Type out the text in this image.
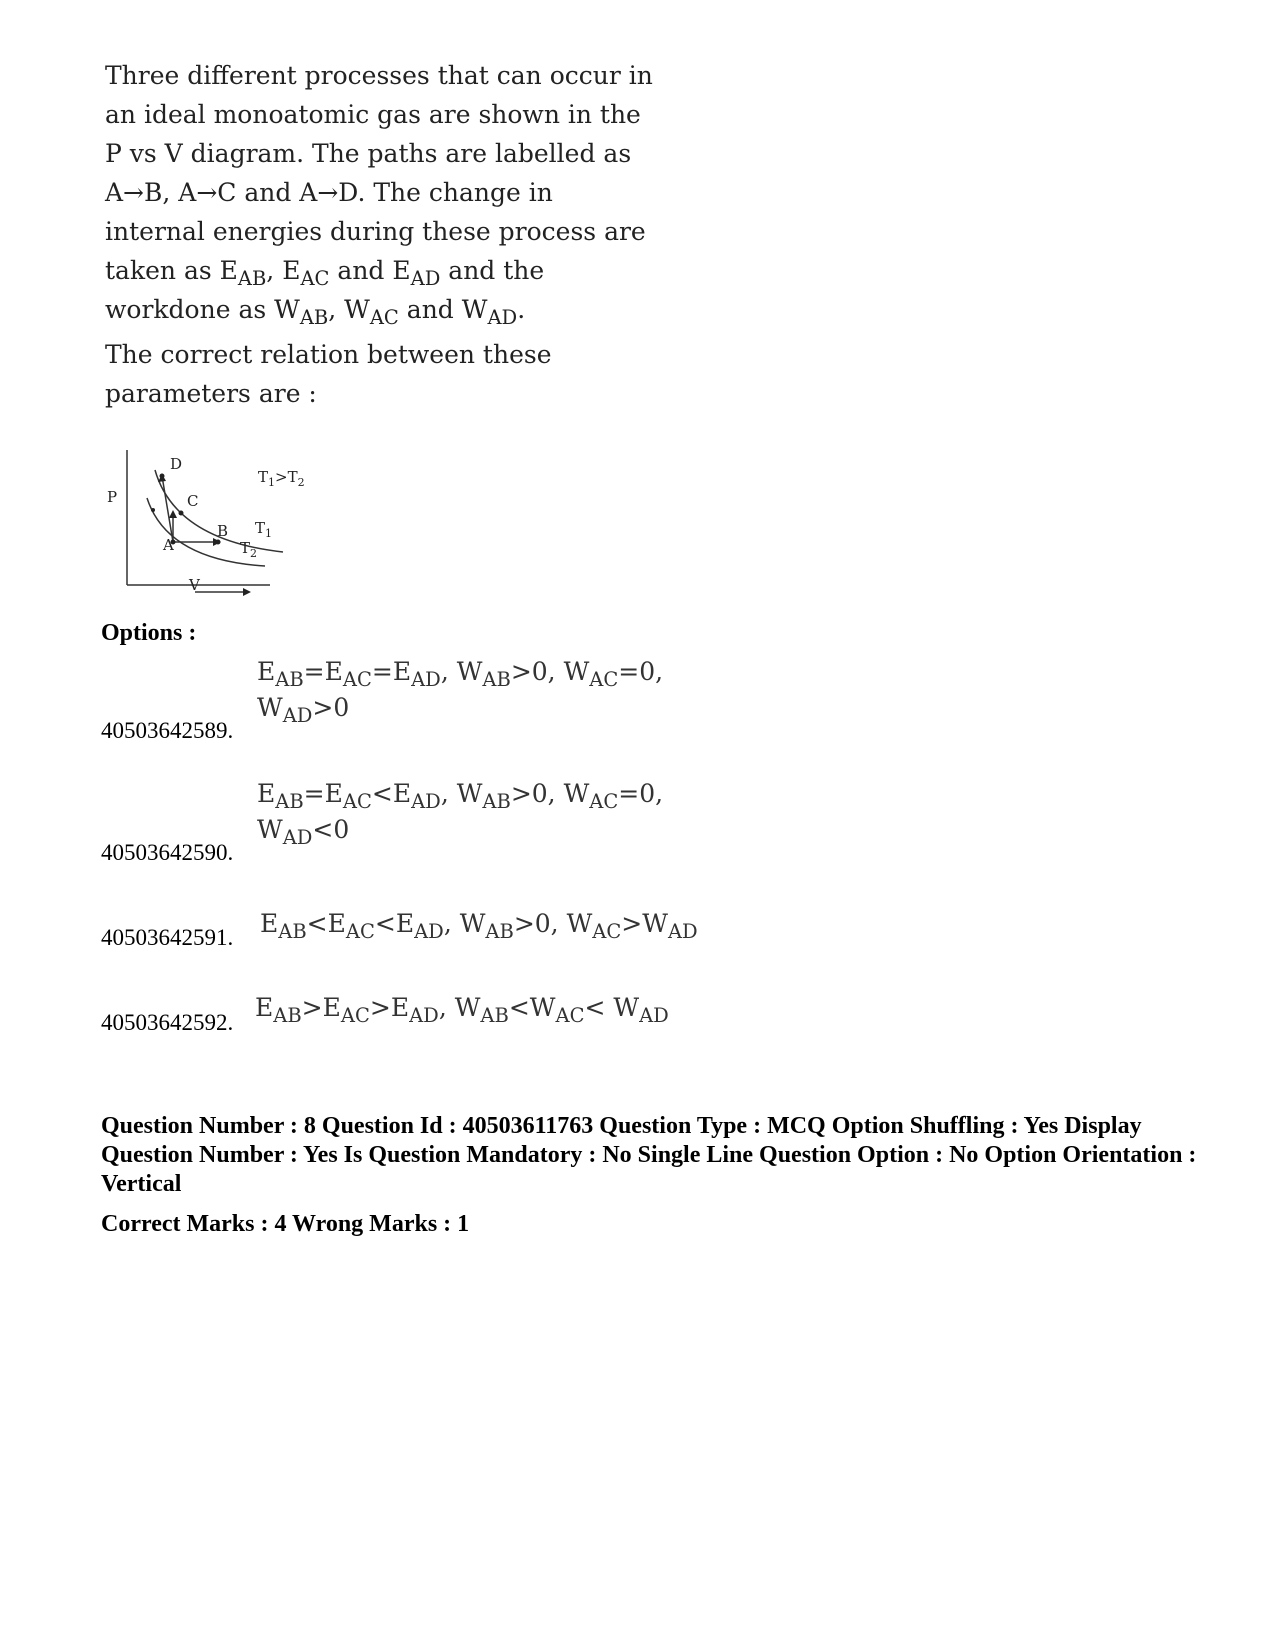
Three different processes that can occur in
an ideal monoatomic gas are shown in the
P vs V diagram. The paths are labelled as
A→B, A→C and A→D. The change in
internal energies during these process are
taken as $E_{AB}$, $E_{AC}$ and $E_{AD}$ and the
workdone as $W_{AB}$, $W_{AC}$ and $W_{AD}$.
The correct relation between these
parameters are :
P
V
A
B
C
D
$T_1$
$T_2$
$T_1>T_2$
Options :
$E_{AB}=E_{AC}=E_{AD}$, $W_{AB}>0$, $W_{AC}=0$,
$W_{AD}>0$
40503642589.
$E_{AB}=E_{AC}<E_{AD}$, $W_{AB}>0$, $W_{AC}=0$,
$W_{AD}<0$
40503642590.
$E_{AB}<E_{AC}<E_{AD}$, $W_{AB}>0$, $W_{AC}>W_{AD}$
40503642591.
$E_{AB}>E_{AC}>E_{AD}$, $W_{AB}<W_{AC}< W_{AD}$
40503642592.
Question Number : 8 Question Id : 40503611763 Question Type : MCQ Option Shuffling : Yes Display Question Number : Yes Is Question Mandatory : No Single Line Question Option : No Option Orientation : Vertical
Correct Marks : 4 Wrong Marks : 1
